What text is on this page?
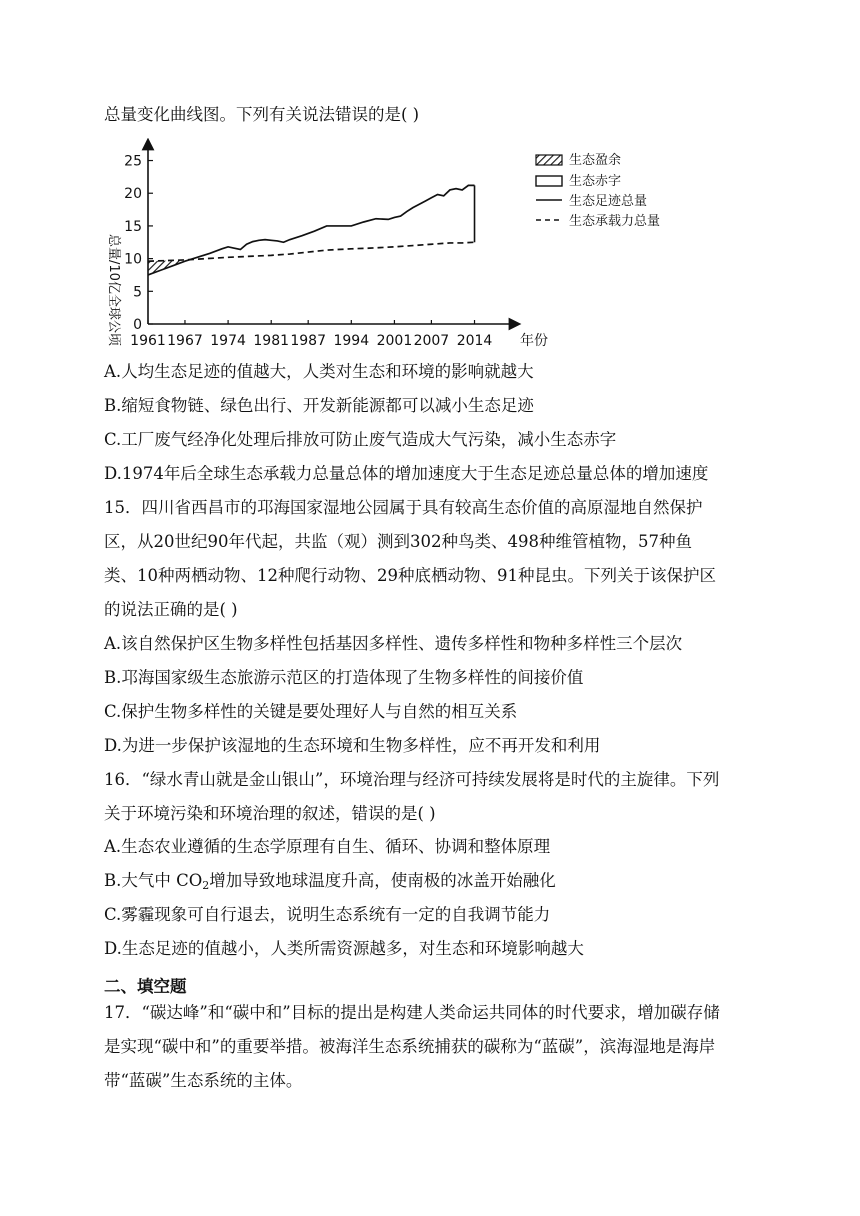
总量变化曲线图。下列有关说法错误的是( )
0
5
10
15
20
25
1961 1967 1974 1981 1987 1994 2001 2007 2014
总量/10亿全球公顷	年份
生态盈余
生态赤字
生态足迹总量
生态承载力总量
A.人均生态足迹的值越大，人类对生态和环境的影响就越大
B.缩短食物链、绿色出行、开发新能源都可以减小生态足迹
C.工厂废气经净化处理后排放可防止废气造成大气污染，减小生态赤字
D.1974年后全球生态承载力总量总体的增加速度大于生态足迹总量总体的增加速度
15．四川省西昌市的邛海国家湿地公园属于具有较高生态价值的高原湿地自然保护
区，从20世纪90年代起，共监（观）测到302种鸟类、498种维管植物，57种鱼
类、10种两栖动物、12种爬行动物、29种底栖动物、91种昆虫。下列关于该保护区
的说法正确的是( )
A.该自然保护区生物多样性包括基因多样性、遗传多样性和物种多样性三个层次
B.邛海国家级生态旅游示范区的打造体现了生物多样性的间接价值
C.保护生物多样性的关键是要处理好人与自然的相互关系
D.为进一步保护该湿地的生态环境和生物多样性，应不再开发和利用
16．“绿水青山就是金山银山”，环境治理与经济可持续发展将是时代的主旋律。下列
关于环境污染和环境治理的叙述，错误的是( )
A.生态农业遵循的生态学原理有自生、循环、协调和整体原理
B.大气中 $CO_2$增加导致地球温度升高，使南极的冰盖开始融化
C.雾霾现象可自行退去，说明生态系统有一定的自我调节能力
D.生态足迹的值越小，人类所需资源越多，对生态和环境影响越大
二、填空题
17．“碳达峰”和“碳中和”目标的提出是构建人类命运共同体的时代要求，增加碳存储
是实现“碳中和”的重要举措。被海洋生态系统捕获的碳称为“蓝碳”，滨海湿地是海岸
带“蓝碳”生态系统的主体。
